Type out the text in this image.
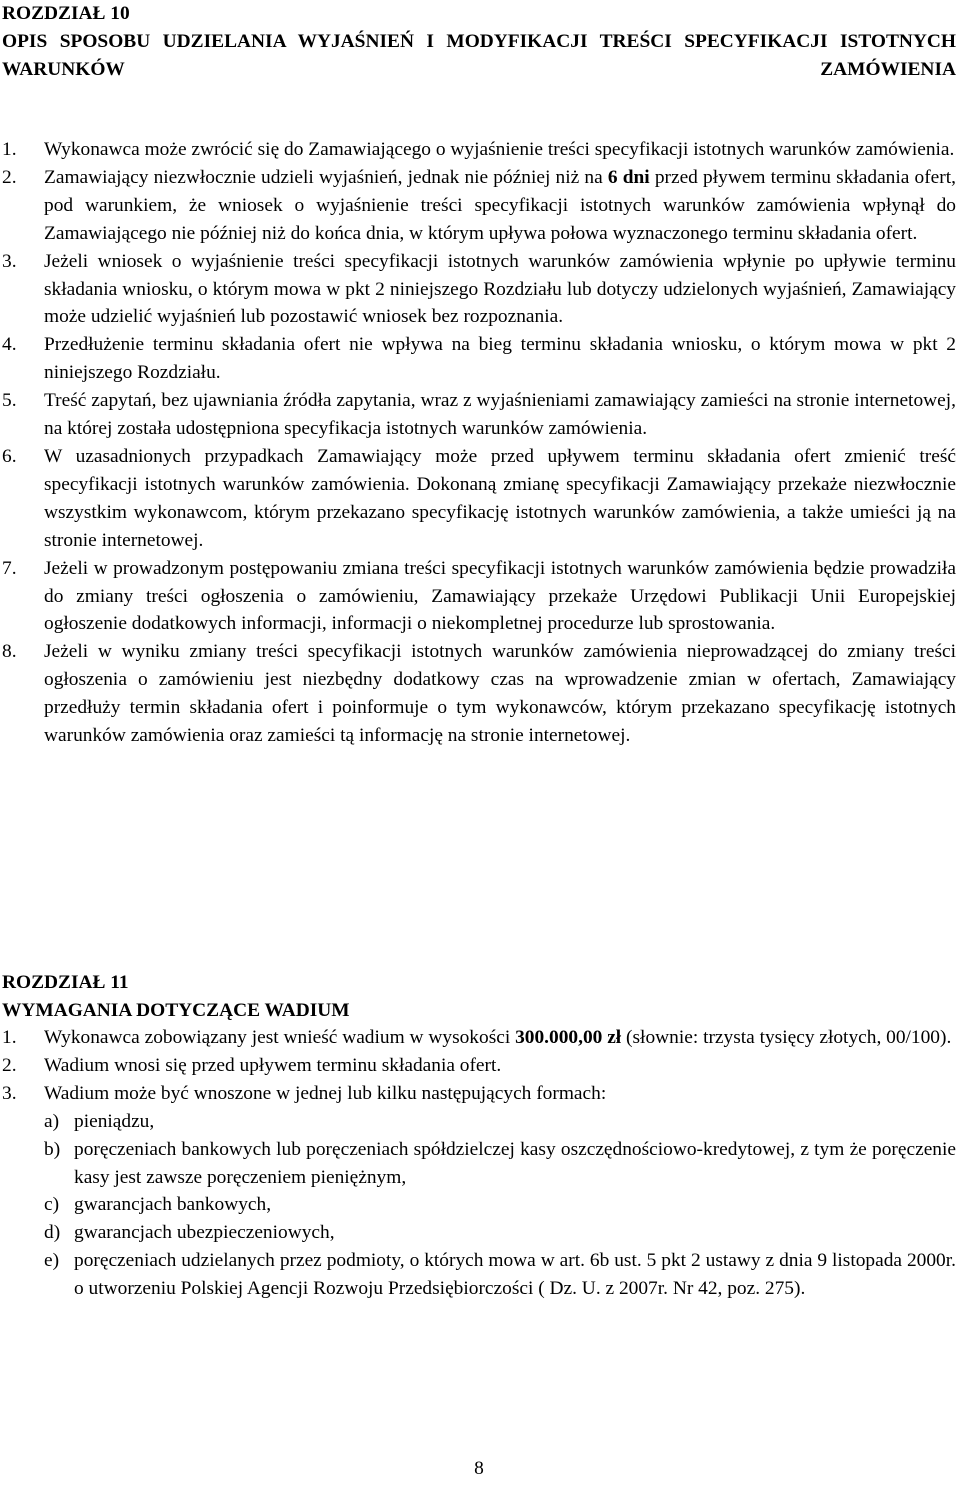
ROZDZIAŁ 10

OPIS SPOSOBU UDZIELANIA WYJAŚNIEŃ I MODYFIKACJI TREŚCI SPECYFIKACJI ISTOTNYCH WARUNKÓW ZAMÓWIENIA

1. Wykonawca może zwrócić się do Zamawiającego o wyjaśnienie treści specyfikacji istotnych warunków zamówienia.
2. Zamawiający niezwłocznie udzieli wyjaśnień, jednak nie później niż na 6 dni przed pływem terminu składania ofert, pod warunkiem, że wniosek o wyjaśnienie treści specyfikacji istotnych warunków zamówienia wpłynął do Zamawiającego nie później niż do końca dnia, w którym upływa połowa wyznaczonego terminu składania ofert.
3. Jeżeli wniosek o wyjaśnienie treści specyfikacji istotnych warunków zamówienia wpłynie po upływie terminu składania wniosku, o którym mowa w pkt 2 niniejszego Rozdziału lub dotyczy udzielonych wyjaśnień, Zamawiający może udzielić wyjaśnień lub pozostawić wniosek bez rozpoznania.
4. Przedłużenie terminu składania ofert nie wpływa na bieg terminu składania wniosku, o którym mowa w pkt 2 niniejszego Rozdziału.
5. Treść zapytań, bez ujawniania źródła zapytania, wraz z wyjaśnieniami zamawiający zamieści na stronie internetowej, na której została udostępniona specyfikacja istotnych warunków zamówienia.
6. W uzasadnionych przypadkach Zamawiający może przed upływem terminu składania ofert zmienić treść specyfikacji istotnych warunków zamówienia. Dokonaną zmianę specyfikacji Zamawiający przekaże niezwłocznie wszystkim wykonawcom, którym przekazano specyfikację istotnych warunków zamówienia, a także umieści ją na stronie internetowej.
7. Jeżeli w prowadzonym postępowaniu zmiana treści specyfikacji istotnych warunków zamówienia będzie prowadziła do zmiany treści ogłoszenia o zamówieniu, Zamawiający przekaże Urzędowi Publikacji Unii Europejskiej ogłoszenie dodatkowych informacji, informacji o niekompletnej procedurze lub sprostowania.
8. Jeżeli w wyniku zmiany treści specyfikacji istotnych warunków zamówienia nieprowadzącej do zmiany treści ogłoszenia o zamówieniu jest niezbędny dodatkowy czas na wprowadzenie zmian w ofertach, Zamawiający przedłuży termin składania ofert i poinformuje o tym wykonawców, którym przekazano specyfikację istotnych warunków zamówienia oraz zamieści tą informację na stronie internetowej.

ROZDZIAŁ 11

WYMAGANIA DOTYCZĄCE WADIUM

1. Wykonawca zobowiązany jest wnieść wadium w wysokości 300.000,00 zł (słownie: trzysta tysięcy złotych, 00/100).
2. Wadium wnosi się przed upływem terminu składania ofert.
3. Wadium może być wnoszone w jednej lub kilku następujących formach:
a) pieniądzu,
b) poręczeniach bankowych lub poręczeniach spółdzielczej kasy oszczędnościowo-kredytowej, z tym że poręczenie kasy jest zawsze poręczeniem pieniężnym,
c) gwarancjach bankowych,
d) gwarancjach ubezpieczeniowych,
e) poręczeniach udzielanych przez podmioty, o których mowa w art. 6b ust. 5 pkt 2 ustawy z dnia 9 listopada 2000r. o utworzeniu Polskiej Agencji Rozwoju Przedsiębiorczości ( Dz. U. z 2007r. Nr 42, poz. 275).
8
